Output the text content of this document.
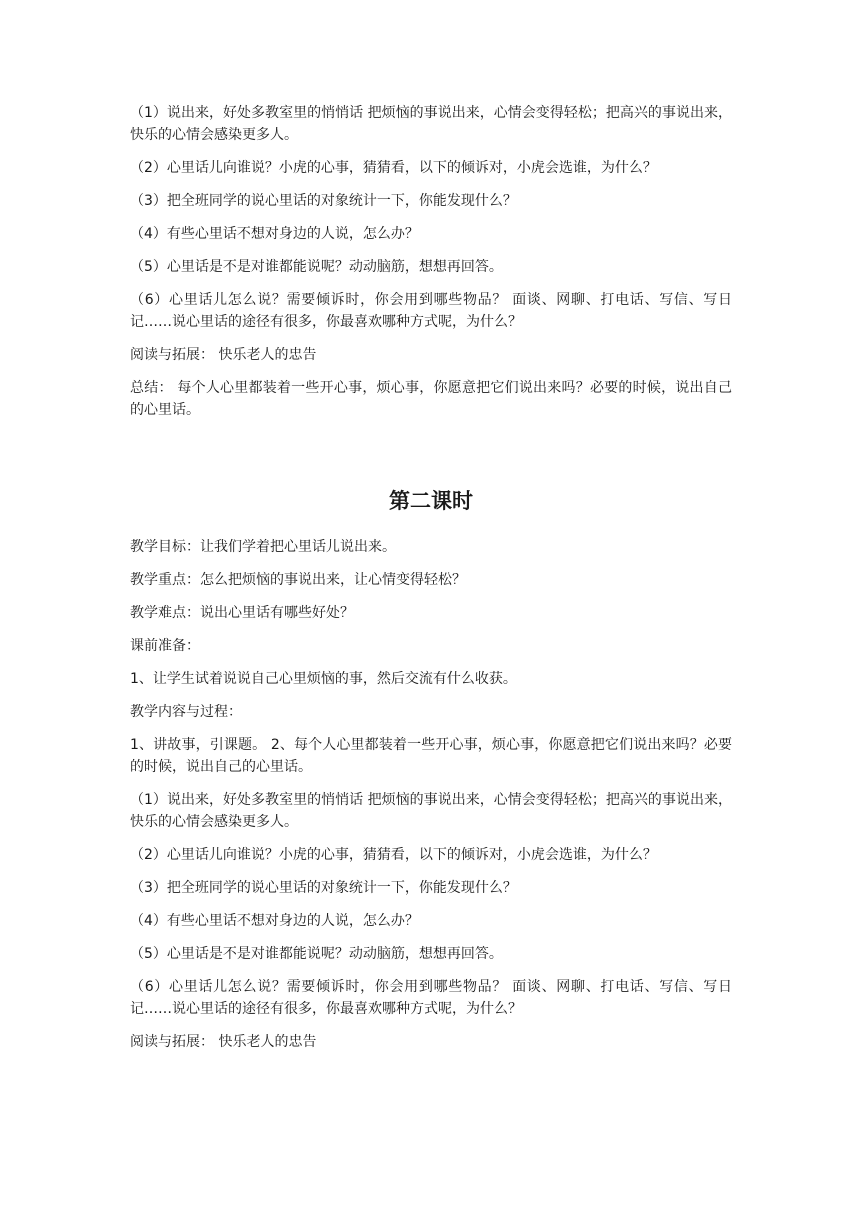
（1）说出来，好处多教室里的悄悄话 把烦恼的事说出来，心情会变得轻松；把高兴的事说出来，快乐的心情会感染更多人。

（2）心里话儿向谁说？小虎的心事，猜猜看，以下的倾诉对，小虎会选谁，为什么？

（3）把全班同学的说心里话的对象统计一下，你能发现什么？

（4）有些心里话不想对身边的人说，怎么办？

（5）心里话是不是对谁都能说呢？动动脑筋，想想再回答。

（6）心里话儿怎么说？需要倾诉时，你会用到哪些物品？ 面谈、网聊、打电话、写信、写日记……说心里话的途径有很多，你最喜欢哪种方式呢，为什么？

阅读与拓展： 快乐老人的忠告

总结： 每个人心里都装着一些开心事，烦心事，你愿意把它们说出来吗？必要的时候，说出自己的心里话。

第二课时

教学目标：让我们学着把心里话儿说出来。

教学重点：怎么把烦恼的事说出来，让心情变得轻松？

教学难点：说出心里话有哪些好处？

课前准备：

1、让学生试着说说自己心里烦恼的事，然后交流有什么收获。

教学内容与过程：

1、讲故事，引课题。 2、每个人心里都装着一些开心事，烦心事，你愿意把它们说出来吗？必要的时候，说出自己的心里话。

（1）说出来，好处多教室里的悄悄话 把烦恼的事说出来，心情会变得轻松；把高兴的事说出来，快乐的心情会感染更多人。

（2）心里话儿向谁说？小虎的心事，猜猜看，以下的倾诉对，小虎会选谁，为什么？

（3）把全班同学的说心里话的对象统计一下，你能发现什么？

（4）有些心里话不想对身边的人说，怎么办？

（5）心里话是不是对谁都能说呢？动动脑筋，想想再回答。

（6）心里话儿怎么说？需要倾诉时，你会用到哪些物品？ 面谈、网聊、打电话、写信、写日记……说心里话的途径有很多，你最喜欢哪种方式呢，为什么？

阅读与拓展： 快乐老人的忠告
